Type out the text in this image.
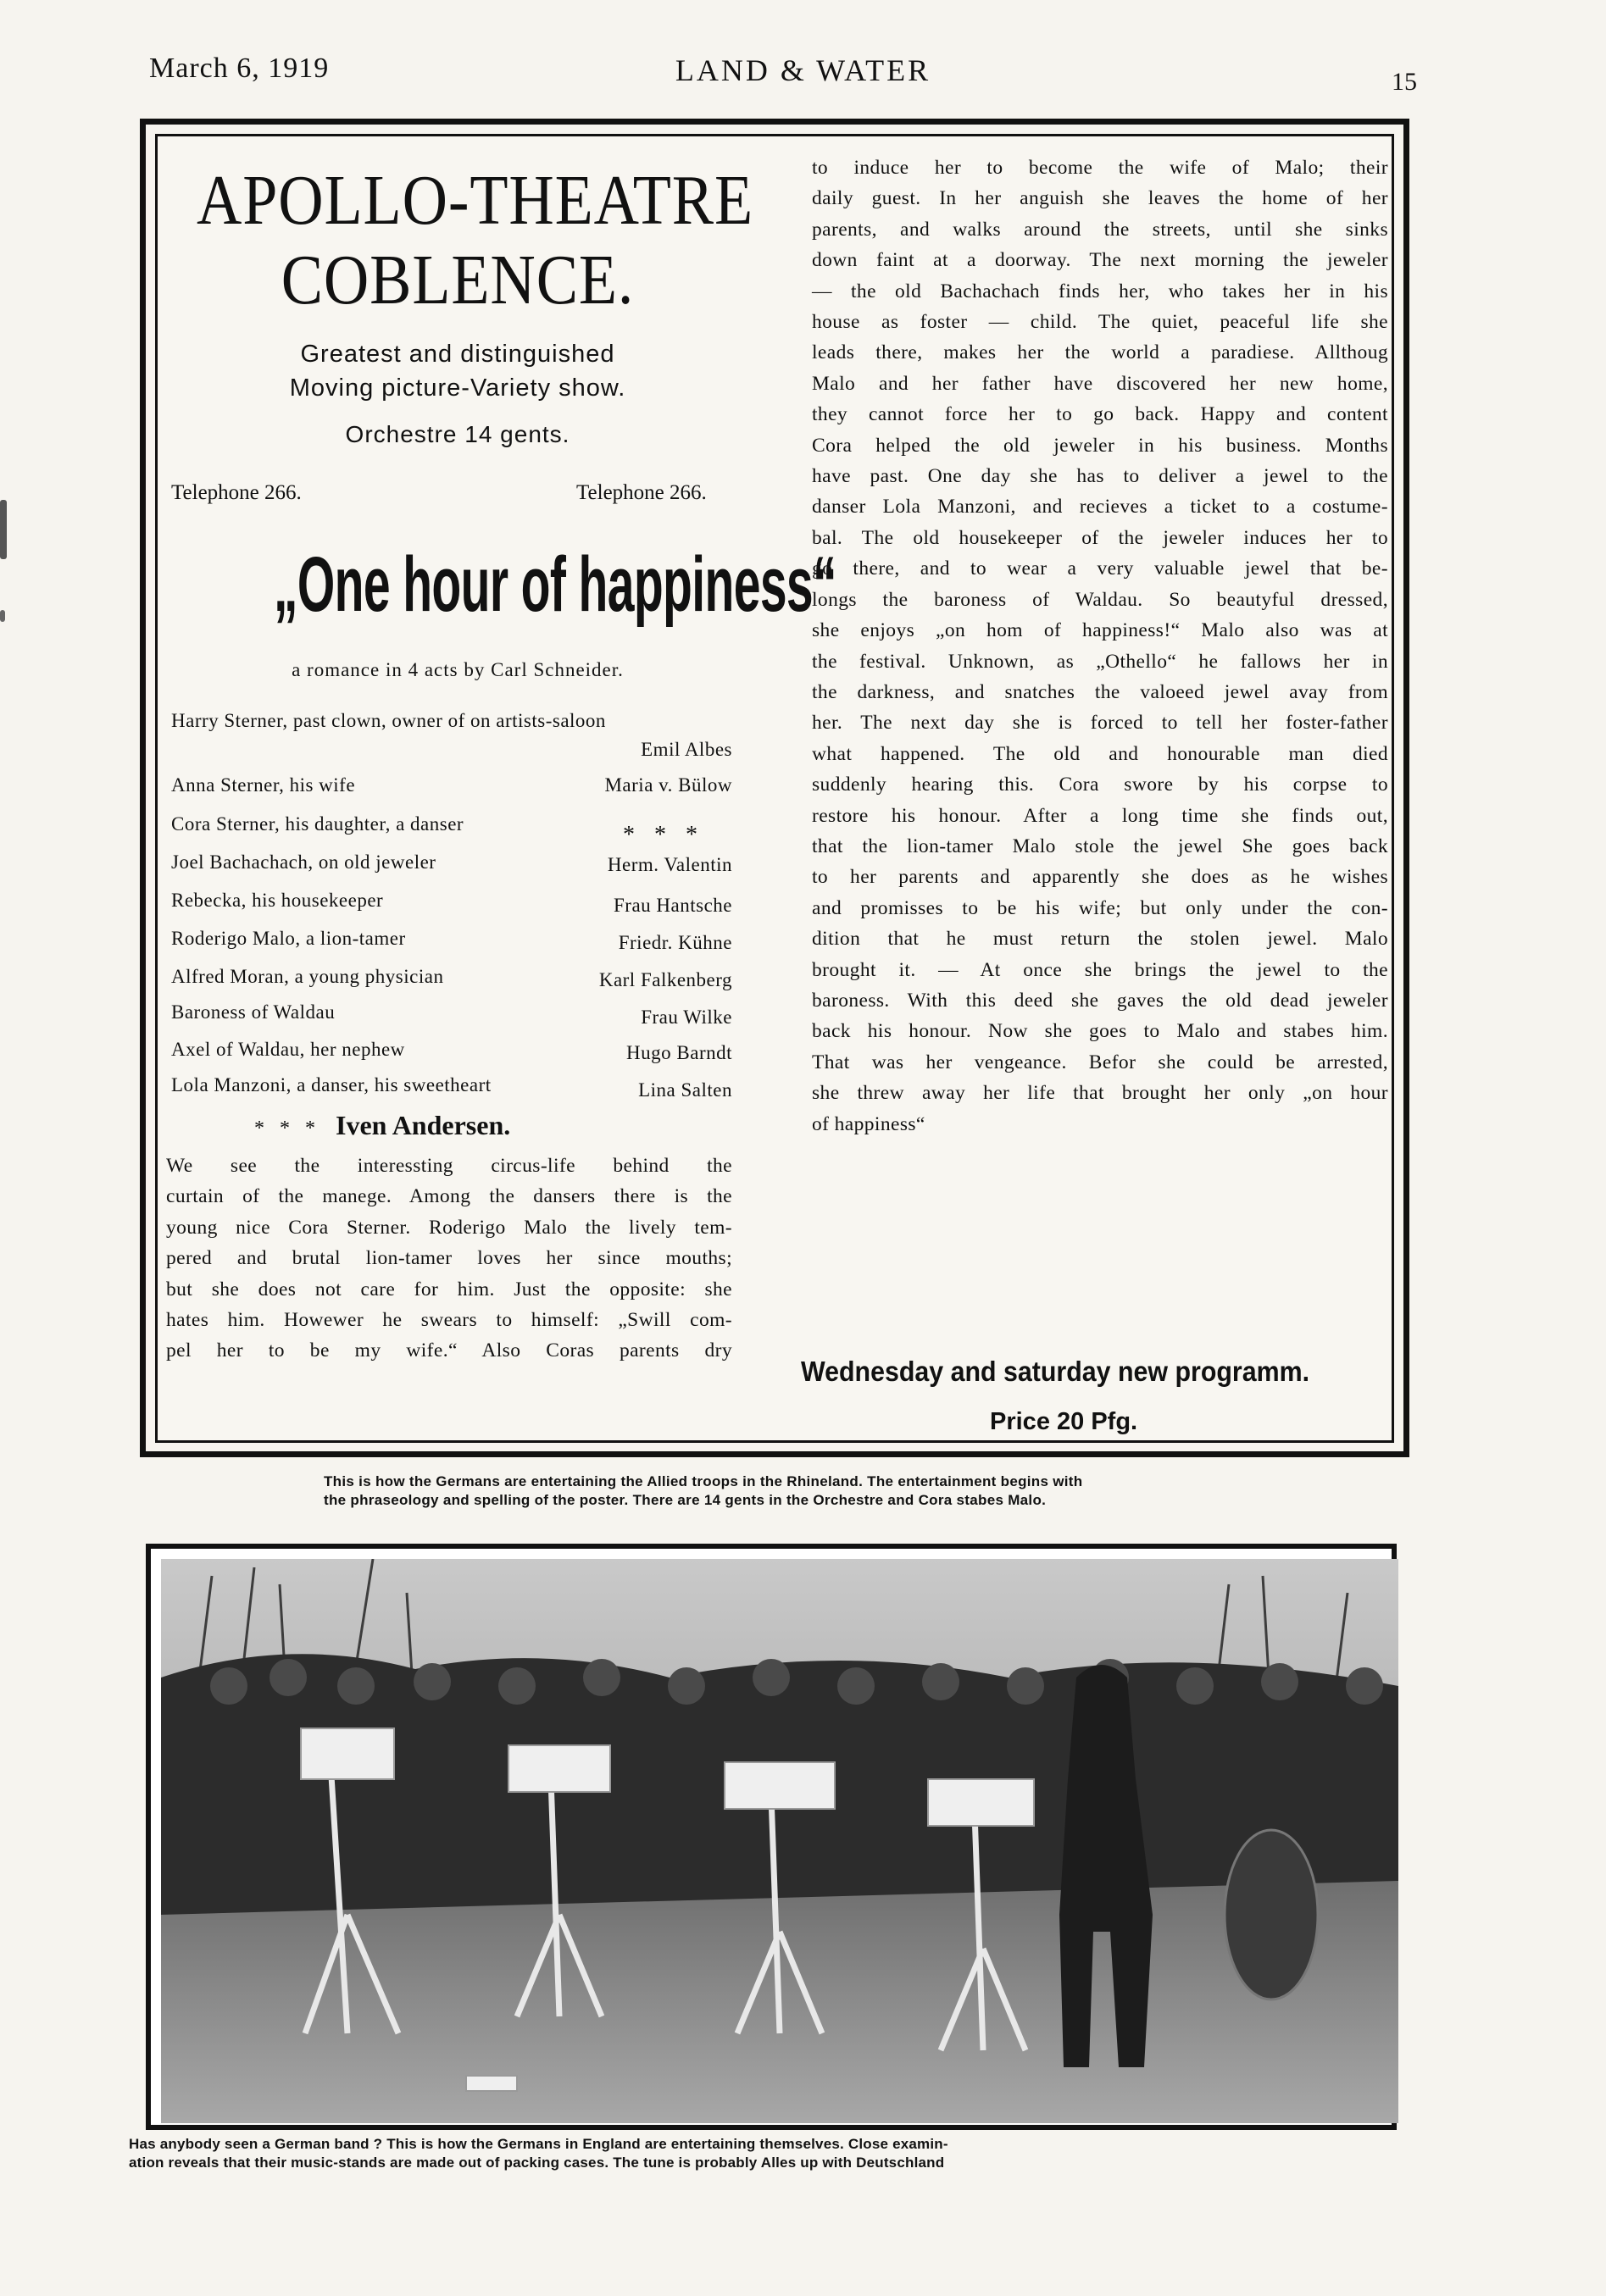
March 6, 1919	LAND & WATER	15
APOLLO-THEATRE
COBLENCE.
Greatest and distinguished
Moving picture-Variety show.
Orchestre 14 gents.
Telephone 266.	Telephone 266.
„One hour of happiness“
a romance in 4 acts by Carl Schneider.
Harry Sterner, past clown, owner of on artists-saloon
Emil Albes
Anna Sterner, his wife	Maria v. Bülow
Cora Sterner, his daughter, a danser	* * *
Joel Bachachach, on old jeweler	Herm. Valentin
Rebecka, his housekeeper	Frau Hantsche
Roderigo Malo, a lion-tamer	Friedr. Kühne
Alfred Moran, a young physician	Karl Falkenberg
Baroness of Waldau	Frau Wilke
Axel of Waldau, her nephew	Hugo Barndt
Lola Manzoni, a danser, his sweetheart	Lina Salten
* * * Iven Andersen.

We see the interessting circus-life behind the

curtain of the manege. Among the dansers there is the

young nice Cora Sterner. Roderigo Malo the lively tem-

pered and brutal lion-tamer loves her since mouths;

but she does not care for him. Just the opposite: she

hates him. Howewer he swears to himself: „Swill com-

pel her to be my wife.“ Also Coras parents dry

to induce her to become the wife of Malo; their

daily guest. In her anguish she leaves the home of her

parents, and walks around the streets, until she sinks

down faint at a doorway. The next morning the jeweler

— the old Bachachach finds her, who takes her in his

house as foster — child. The quiet, peaceful life she

leads there, makes her the world a paradiese. Allthoug

Malo and her father have discovered her new home,

they cannot force her to go back. Happy and content

Cora helped the old jeweler in his business. Months

have past. One day she has to deliver a jewel to the

danser Lola Manzoni, and recieves a ticket to a costume-

bal. The old housekeeper of the jeweler induces her to

go there, and to wear a very valuable jewel that be-

longs the baroness of Waldau. So beautyful dressed,

she enjoys „on hom of happiness!“ Malo also was at

the festival. Unknown, as „Othello“ he fallows her in

the darkness, and snatches the valoeed jewel avay from

her. The next day she is forced to tell her foster-father

what happened. The old and honourable man died

suddenly hearing this. Cora swore by his corpse to

restore his honour. After a long time she finds out,

that the lion-tamer Malo stole the jewel She goes back

to her parents and apparently she does as he wishes

and promisses to be his wife; but only under the con-

dition that he must return the stolen jewel. Malo

brought it. — At once she brings the jewel to the

baroness. With this deed she gaves the old dead jeweler

back his honour. Now she goes to Malo and stabes him.

That was her vengeance. Befor she could be arrested,

she threw away her life that brought her only „on hour

of happiness“

Wednesday and saturday new programm.
Price 20 Pfg.
This is how the Germans are entertaining the Allied troops in the Rhineland. The entertainment begins with
the phraseology and spelling of the poster. There are 14 gents in the Orchestre and Cora stabes Malo.
Has anybody seen a German band ? This is how the Germans in England are entertaining themselves. Close examin-
ation reveals that their music-stands are made out of packing cases. The tune is probably Alles up with Deutschland
